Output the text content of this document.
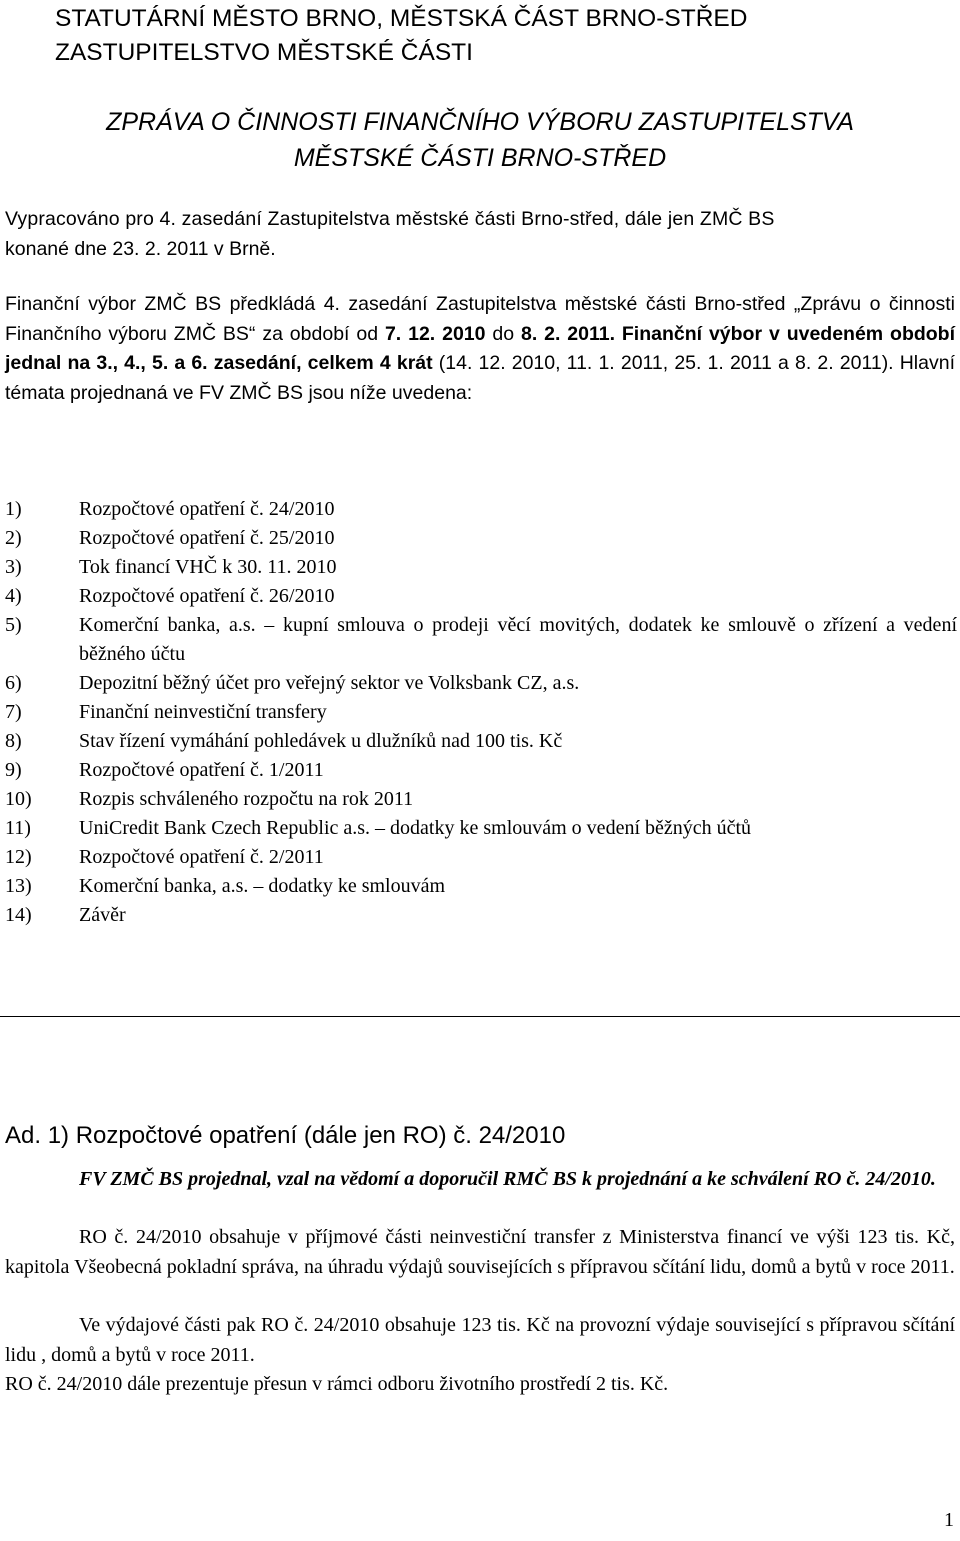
STATUTÁRNÍ MĚSTO BRNO, MĚSTSKÁ ČÁST BRNO-STŘED
ZASTUPITELSTVO MĚSTSKÉ ČÁSTI
ZPRÁVA O ČINNOSTI FINANČNÍHO VÝBORU ZASTUPITELSTVA
MĚSTSKÉ ČÁSTI BRNO-STŘED
Vypracováno pro 4. zasedání Zastupitelstva městské části Brno-střed, dále jen ZMČ BS
konané dne 23. 2. 2011 v Brně.

Finanční výbor ZMČ BS předkládá 4. zasedání Zastupitelstva městské části Brno-střed „Zprávu o činnosti Finančního výboru ZMČ BS“ za období od 7. 12. 2010 do 8. 2. 2011. Finanční výbor v uvedeném období jednal na 3., 4., 5. a 6. zasedání, celkem 4 krát (14. 12. 2010, 11. 1. 2011, 25. 1. 2011 a 8. 2. 2011). Hlavní témata projednaná ve FV ZMČ BS jsou níže uvedena:

1)	Rozpočtové opatření č. 24/2010
2)	Rozpočtové opatření č. 25/2010
3)	Tok financí VHČ k 30. 11. 2010
4)	Rozpočtové opatření č. 26/2010
5)	Komerční banka, a.s. – kupní smlouva o prodeji věcí movitých, dodatek ke smlouvě o zřízení a vedení běžného účtu
6)	Depozitní běžný účet pro veřejný sektor ve Volksbank CZ, a.s.
7)	Finanční neinvestiční transfery
8)	Stav řízení vymáhání pohledávek u dlužníků nad 100 tis. Kč
9)	Rozpočtové opatření č. 1/2011
10)	Rozpis schváleného rozpočtu na rok 2011
11)	UniCredit Bank Czech Republic a.s. – dodatky ke smlouvám o vedení běžných účtů
12)	Rozpočtové opatření č. 2/2011
13)	Komerční banka, a.s. – dodatky ke smlouvám
14)	Závěr
Ad. 1) Rozpočtové opatření (dále jen RO) č. 24/2010

FV ZMČ BS projednal, vzal na vědomí a doporučil RMČ BS k projednání a ke schválení RO č. 24/2010.

RO č. 24/2010 obsahuje v příjmové části neinvestiční transfer z Ministerstva financí ve výši 123 tis. Kč, kapitola Všeobecná pokladní správa, na úhradu výdajů souvisejících s přípravou sčítání lidu, domů a bytů v roce 2011.

Ve výdajové části pak RO č. 24/2010 obsahuje 123 tis. Kč na provozní výdaje související s přípravou sčítání lidu , domů a bytů v roce 2011.

RO č. 24/2010 dále prezentuje přesun v rámci odboru životního prostředí 2 tis. Kč.

1
